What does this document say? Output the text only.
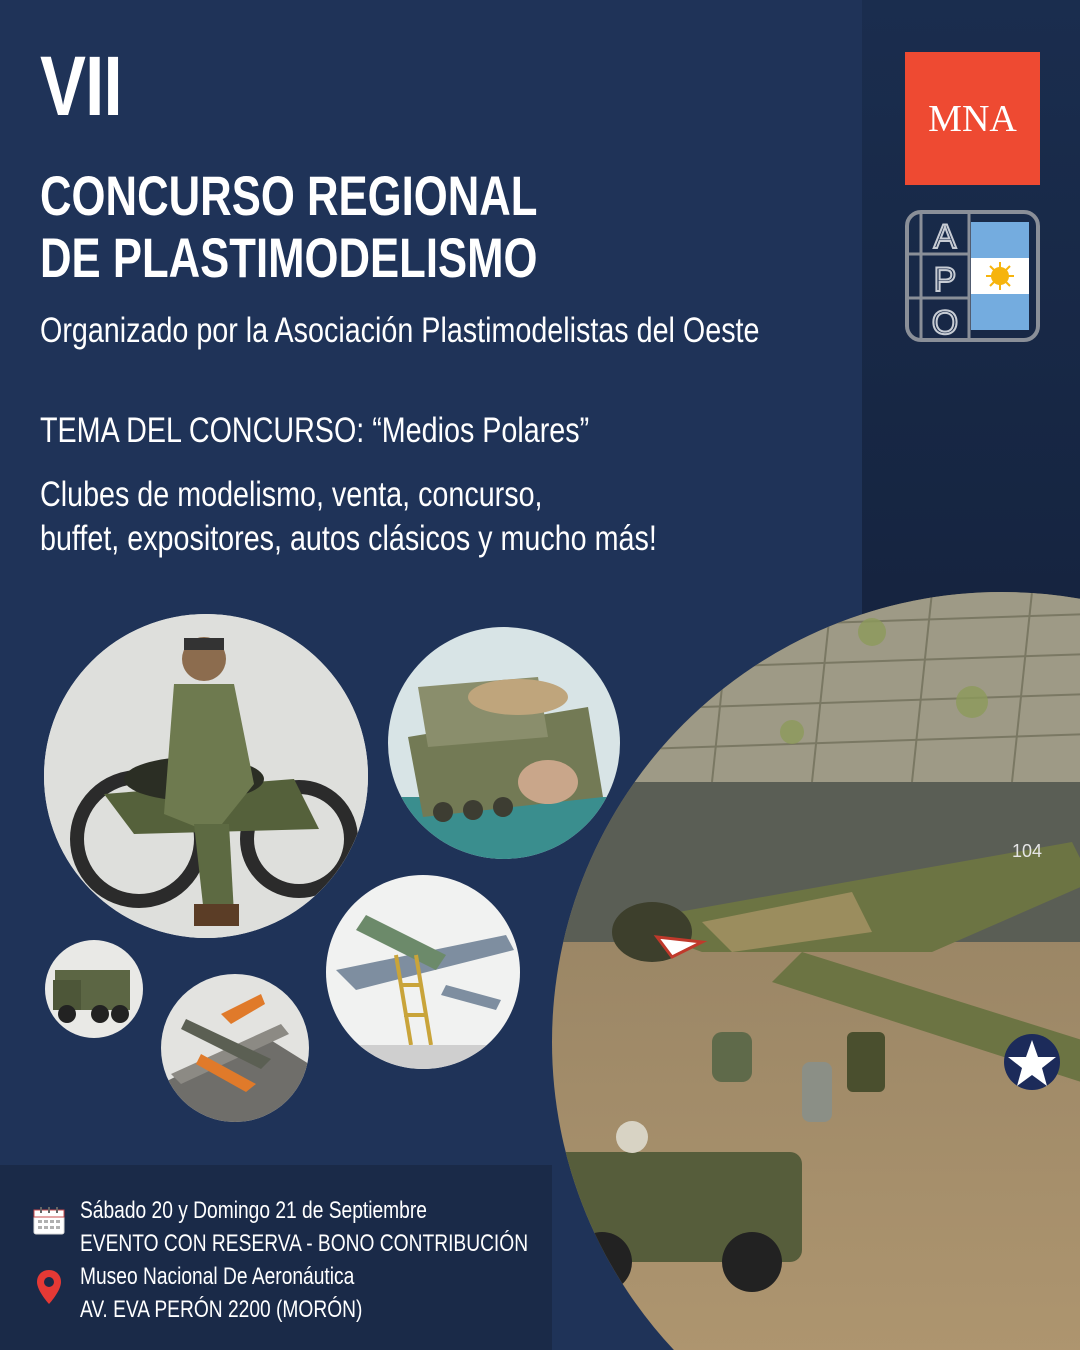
VII
CONCURSO REGIONAL
DE PLASTIMODELISMO
Organizado por la Asociación Plastimodelistas del Oeste
TEMA DEL CONCURSO: “Medios Polares”
Clubes de modelismo, venta, concurso,
buffet, expositores, autos clásicos y mucho más!
MNA
A
P
O
104
Sábado 20 y Domingo 21 de Septiembre
EVENTO CON RESERVA - BONO CONTRIBUCIÓN
Museo Nacional De Aeronáutica
AV. EVA PERÓN 2200 (MORÓN)
